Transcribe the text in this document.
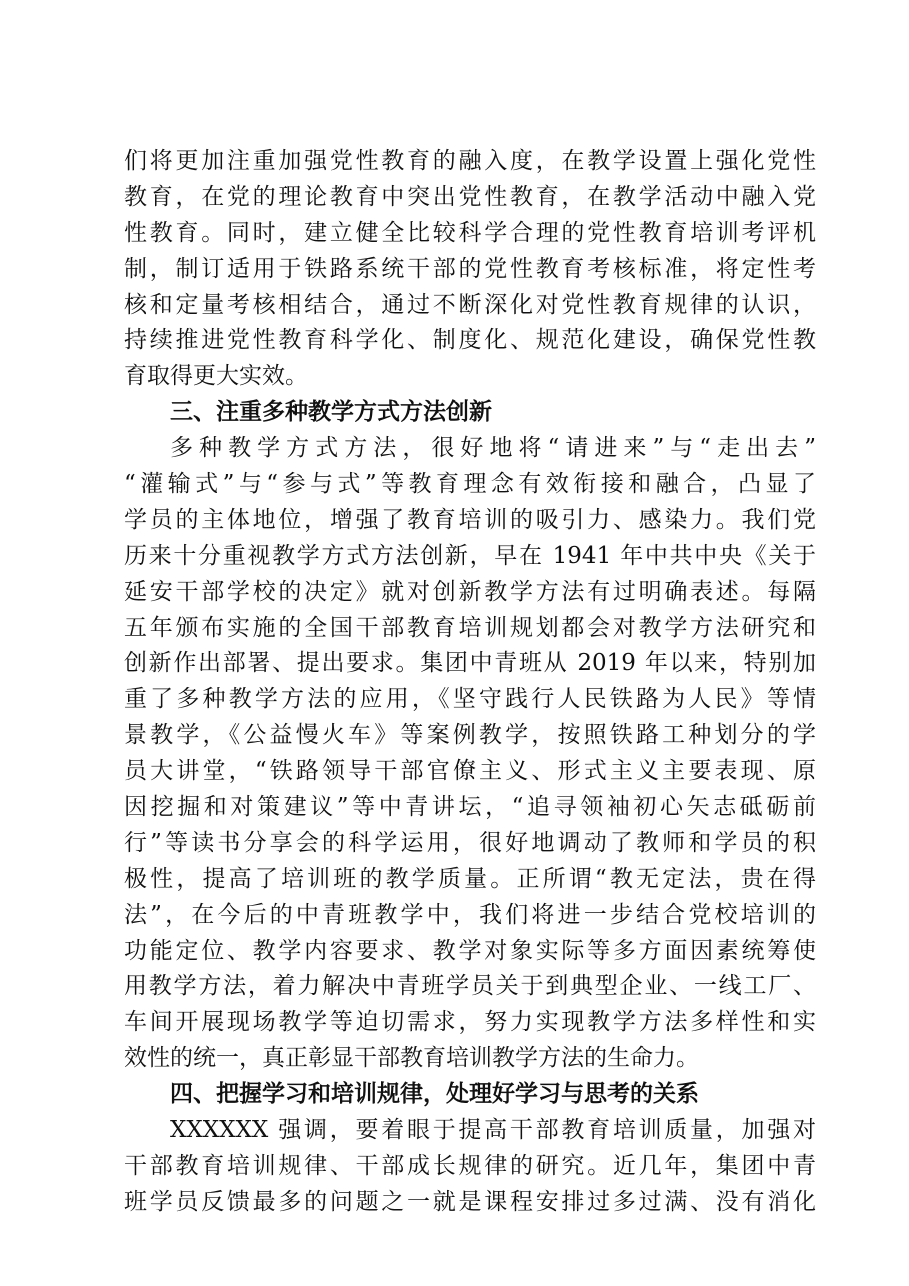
们将更加注重加强党性教育的融入度，在教学设置上强化党性
教育，在党的理论教育中突出党性教育，在教学活动中融入党
性教育。同时，建立健全比较科学合理的党性教育培训考评机
制，制订适用于铁路系统干部的党性教育考核标准，将定性考
核和定量考核相结合，通过不断深化对党性教育规律的认识，
持续推进党性教育科学化、制度化、规范化建设，确保党性教
育取得更大实效。
三、注重多种教学方式方法创新
多种教学方式方法，很好地将“请进来”与“走出去”
“灌输式”与“参与式”等教育理念有效衔接和融合，凸显了
学员的主体地位，增强了教育培训的吸引力、感染力。我们党
历来十分重视教学方式方法创新，早在 1941 年中共中央《关于
延安干部学校的决定》就对创新教学方法有过明确表述。每隔
五年颁布实施的全国干部教育培训规划都会对教学方法研究和
创新作出部署、提出要求。集团中青班从 2019 年以来，特别加
重了多种教学方法的应用，《坚守践行人民铁路为人民》等情
景教学，《公益慢火车》等案例教学，按照铁路工种划分的学
员大讲堂，“铁路领导干部官僚主义、形式主义主要表现、原
因挖掘和对策建议”等中青讲坛，“追寻领袖初心矢志砥砺前
行”等读书分享会的科学运用，很好地调动了教师和学员的积
极性，提高了培训班的教学质量。正所谓“教无定法，贵在得
法”，在今后的中青班教学中，我们将进一步结合党校培训的
功能定位、教学内容要求、教学对象实际等多方面因素统筹使
用教学方法，着力解决中青班学员关于到典型企业、一线工厂、
车间开展现场教学等迫切需求，努力实现教学方法多样性和实
效性的统一，真正彰显干部教育培训教学方法的生命力。
四、把握学习和培训规律，处理好学习与思考的关系
XXXXXX 强调，要着眼于提高干部教育培训质量，加强对
干部教育培训规律、干部成长规律的研究。近几年，集团中青
班学员反馈最多的问题之一就是课程安排过多过满、没有消化
